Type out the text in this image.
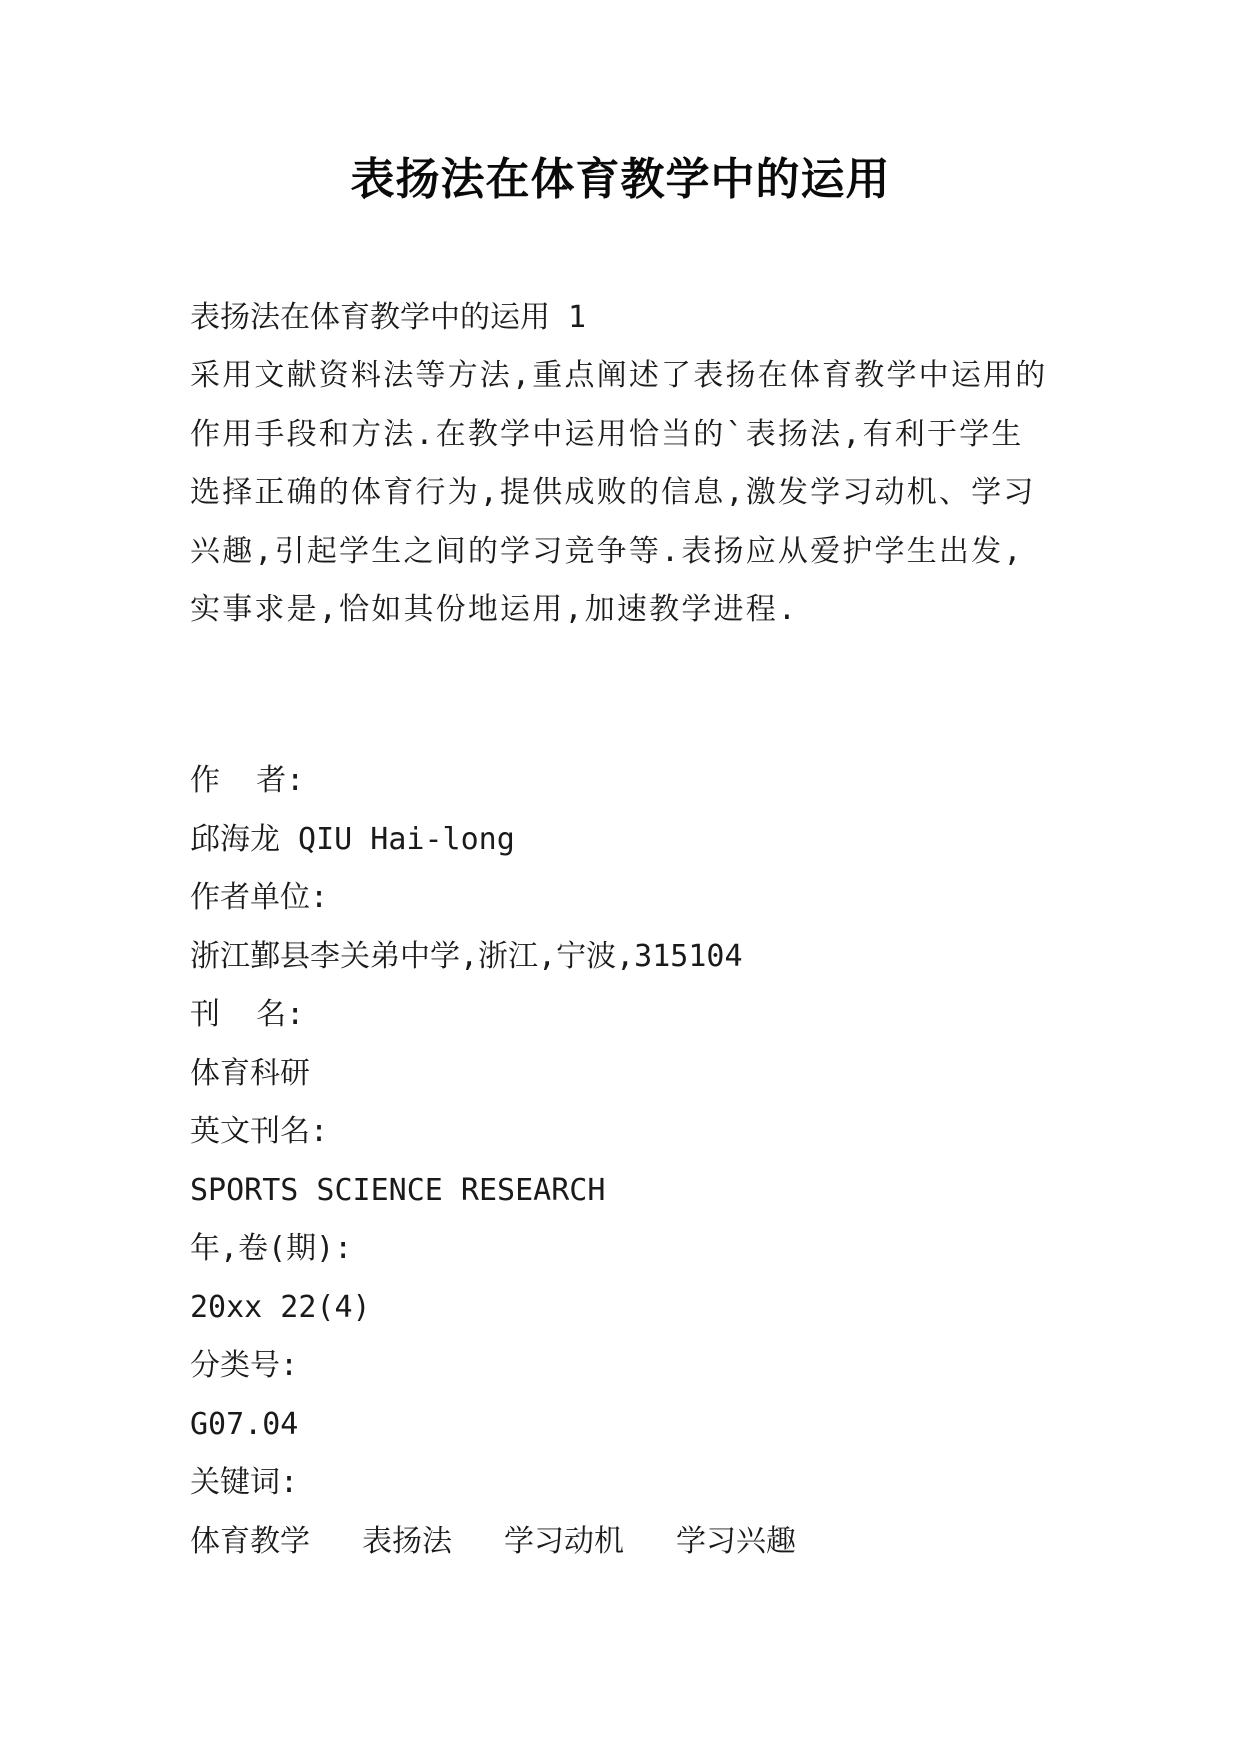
表扬法在体育教学中的运用
表扬法在体育教学中的运用 1
采用文献资料法等方法,重点阐述了表扬在体育教学中运用的作用手段和方法.在教学中运用恰当的`表扬法,有利于学生选择正确的体育行为,提供成败的信息,激发学习动机、学习兴趣,引起学生之间的学习竞争等.表扬应从爱护学生出发,实事求是,恰如其份地运用,加速教学进程.
作  者:
邱海龙 QIU Hai-long
作者单位:
浙江鄞县李关弟中学,浙江,宁波,315104
刊  名:
体育科研
英文刊名:
SPORTS SCIENCE RESEARCH
年,卷(期):
20xx 22(4)
分类号:
G07.04
关键词:
体育教学 表扬法 学习动机 学习兴趣
